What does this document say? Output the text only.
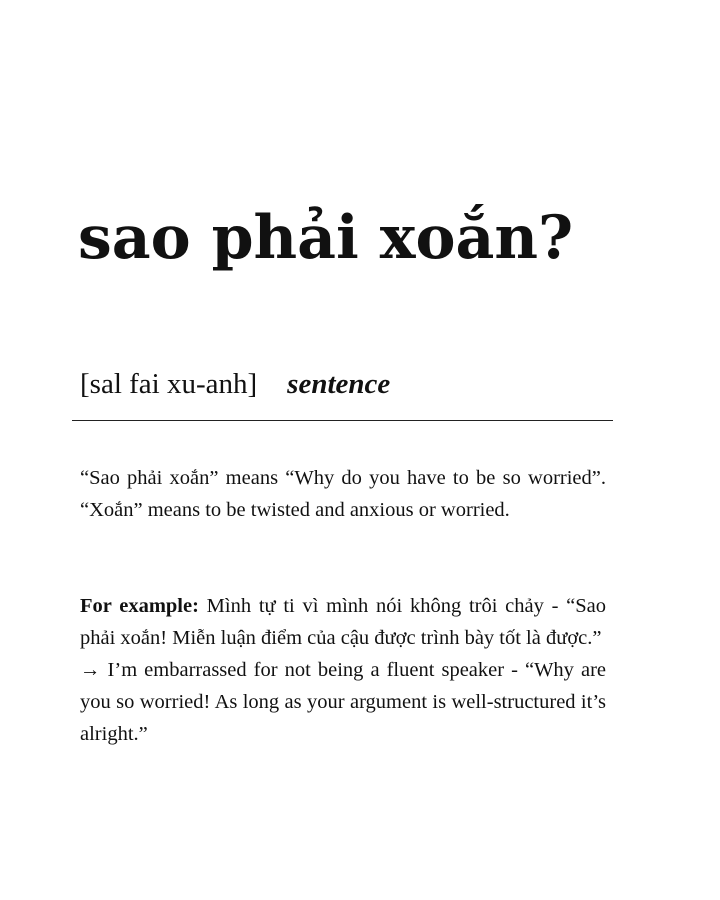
sao phải xoắn?
[sal fai xu-anh] sentence

“Sao phải xoắn” means “Why do you have to be so worried”. “Xoắn” means to be twisted and anxious or worried.

For example: Mình tự ti vì mình nói không trôi chảy - “Sao phải xoắn! Miễn luận điểm của cậu được trình bày tốt là được.”

→ I’m embarrassed for not being a fluent speaker - “Why are you so worried! As long as your argument is well-structured it’s alright.”
